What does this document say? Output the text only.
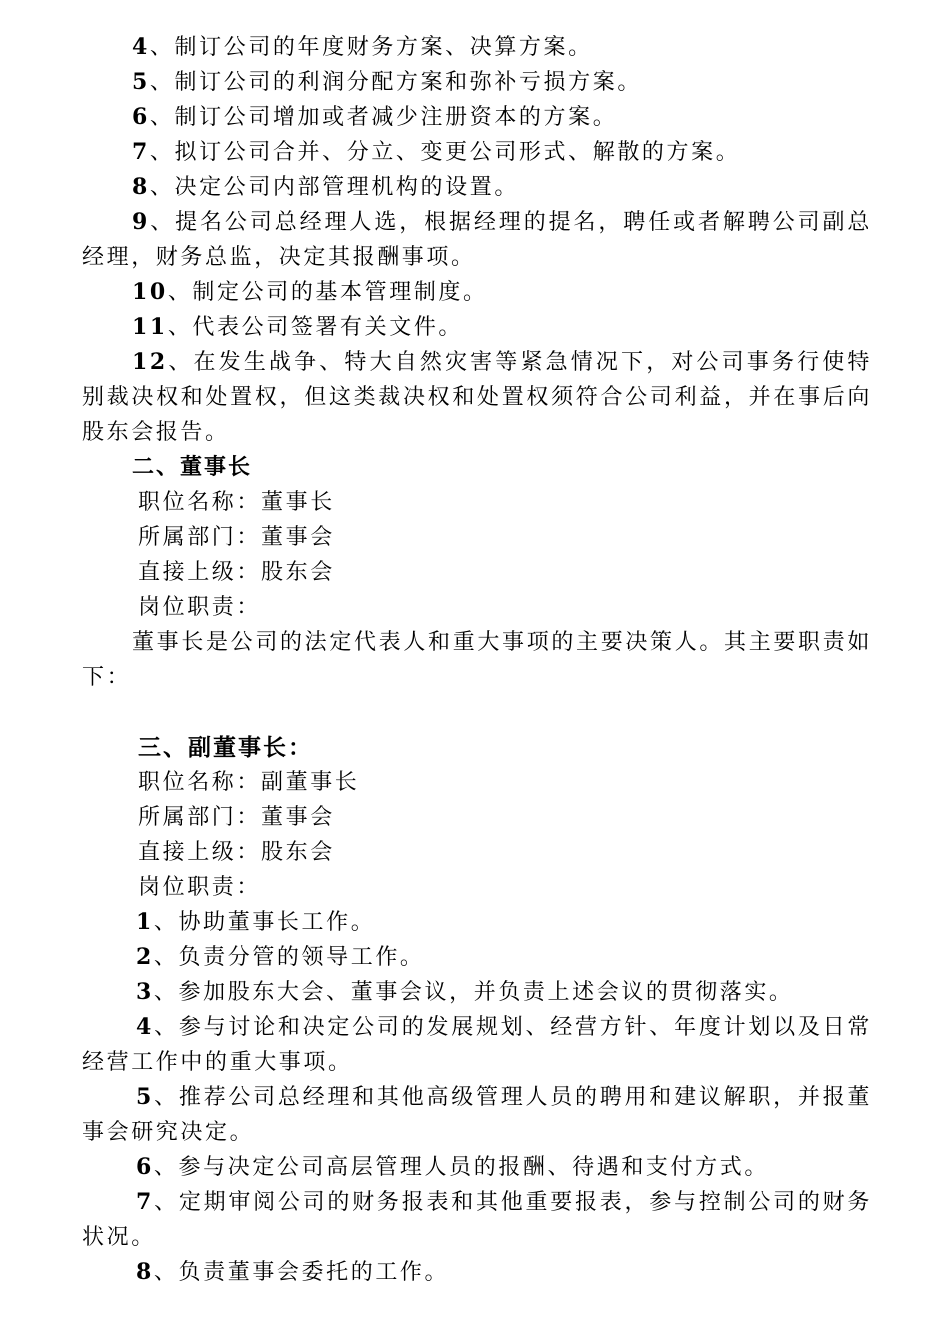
4、制订公司的年度财务方案、决算方案。

5、制订公司的利润分配方案和弥补亏损方案。

6、制订公司增加或者减少注册资本的方案。

7、拟订公司合并、分立、变更公司形式、解散的方案。

8、决定公司内部管理机构的设置。

9、提名公司总经理人选，根据经理的提名，聘任或者解聘公司副总经理，财务总监，决定其报酬事项。

10、制定公司的基本管理制度。

11、代表公司签署有关文件。

12、在发生战争、特大自然灾害等紧急情况下，对公司事务行使特别裁决权和处置权，但这类裁决权和处置权须符合公司利益，并在事后向股东会报告。

二、董事长

职位名称：董事长

所属部门：董事会

直接上级：股东会

岗位职责：

董事长是公司的法定代表人和重大事项的主要决策人。其主要职责如下：

三、副董事长：

职位名称：副董事长

所属部门：董事会

直接上级：股东会

岗位职责：

1、协助董事长工作。

2、负责分管的领导工作。

3、参加股东大会、董事会议，并负责上述会议的贯彻落实。

4、参与讨论和决定公司的发展规划、经营方针、年度计划以及日常经营工作中的重大事项。

5、推荐公司总经理和其他高级管理人员的聘用和建议解职，并报董事会研究决定。

6、参与决定公司高层管理人员的报酬、待遇和支付方式。

7、定期审阅公司的财务报表和其他重要报表，参与控制公司的财务状况。

8、负责董事会委托的工作。
